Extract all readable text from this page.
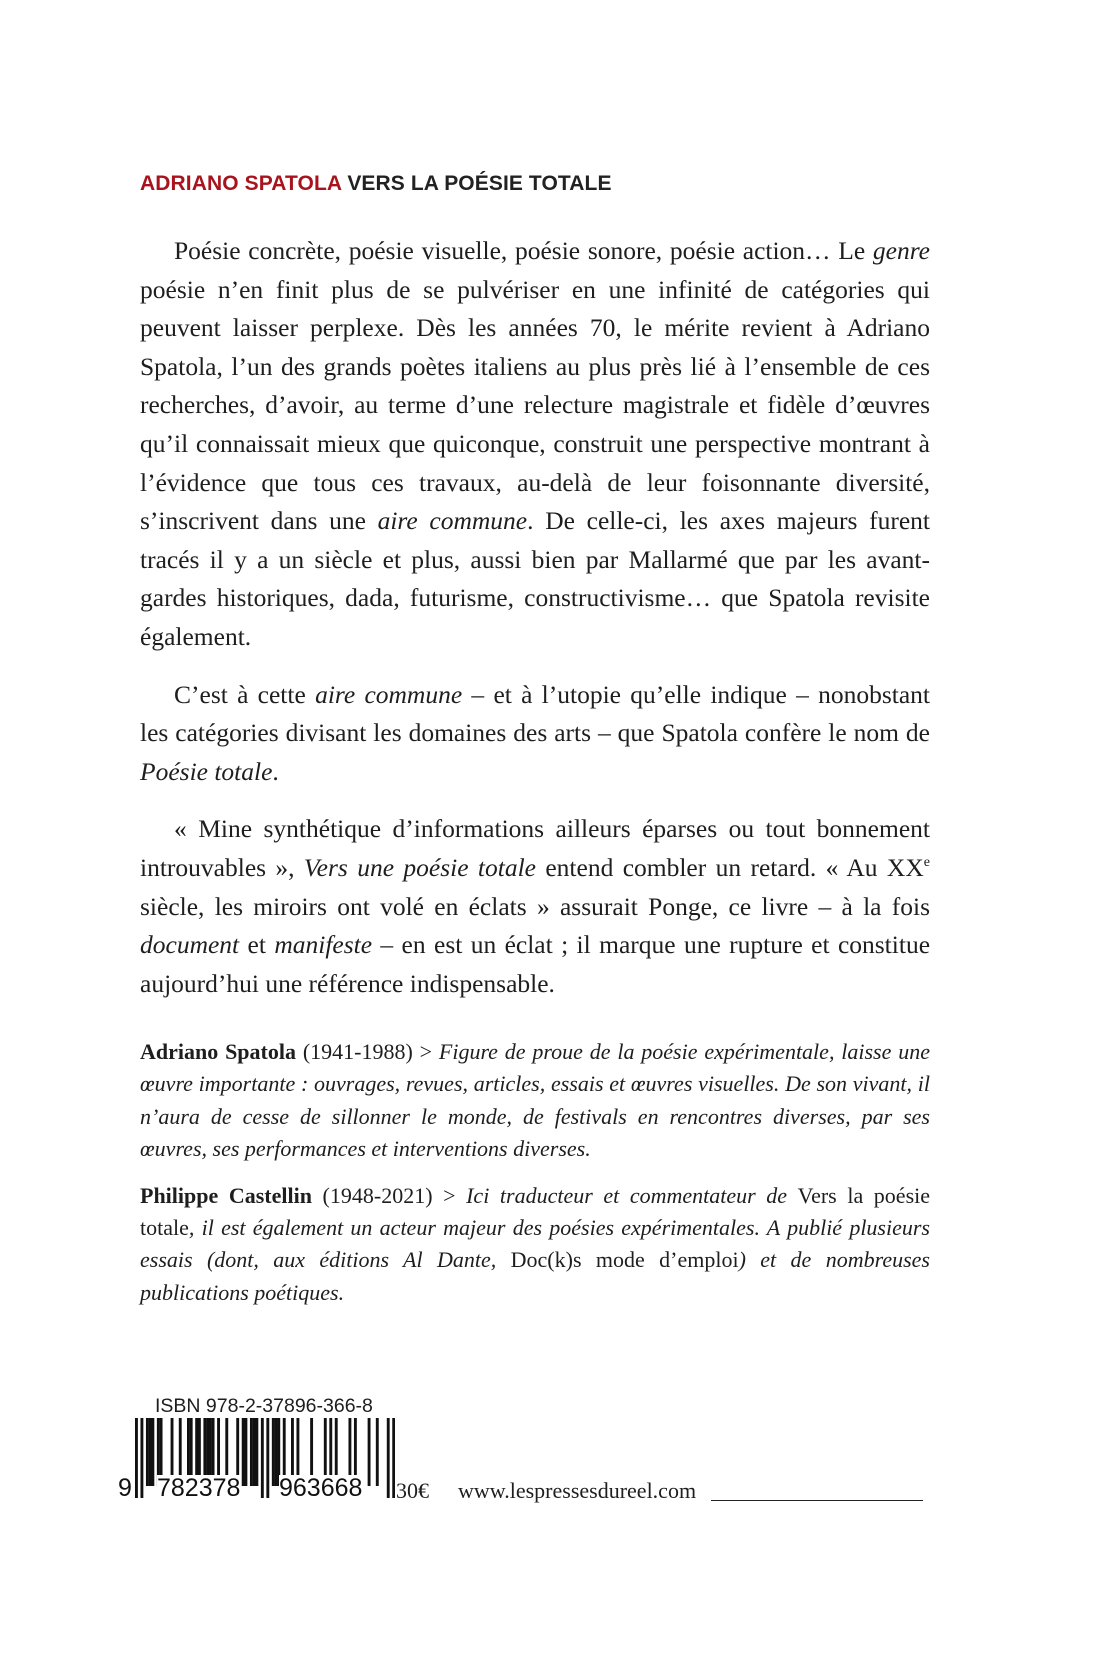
ADRIANO SPATOLA VERS LA POÉSIE TOTALE

Poésie concrète, poésie visuelle, poésie sonore, poésie action… Le genre poésie n’en finit plus de se pulvériser en une infinité de catégories qui peuvent laisser perplexe. Dès les années 70, le mérite revient à Adriano Spatola, l’un des grands poètes italiens au plus près lié à l’ensemble de ces recherches, d’avoir, au terme d’une relecture magistrale et fidèle d’œuvres qu’il connaissait mieux que quiconque, construit une perspective montrant à l’évidence que tous ces travaux, au-delà de leur foisonnante diversité, s’inscrivent dans une aire commune. De celle-ci, les axes majeurs furent tracés il y a un siècle et plus, aussi bien par Mallarmé que par les avant-gardes historiques, dada, futurisme, constructivisme… que Spatola revisite également.

C’est à cette aire commune – et à l’utopie qu’elle indique – nonobstant les catégories divisant les domaines des arts – que Spatola confère le nom de Poésie totale.

« Mine synthétique d’informations ailleurs éparses ou tout bonnement introuvables », Vers une poésie totale entend combler un retard. « Au XXe siècle, les miroirs ont volé en éclats » assurait Ponge, ce livre – à la fois document et manifeste – en est un éclat ; il marque une rupture et constitue aujourd’hui une référence indispensable.

Adriano Spatola (1941-1988) > Figure de proue de la poésie expérimentale, laisse une œuvre importante : ouvrages, revues, articles, essais et œuvres visuelles. De son vivant, il n’aura de cesse de sillonner le monde, de festivals en rencontres diverses, par ses œuvres, ses performances et interventions diverses.

Philippe Castellin (1948-2021) > Ici traducteur et commentateur de Vers la poésie totale, il est également un acteur majeur des poésies expérimentales. A publié plusieurs essais (dont, aux éditions Al Dante, Doc(k)s mode d’emploi) et de nombreuses publications poétiques.

ISBN 978-2-37896-366-8
9 782378 963668 30€ www.lespressesdureel.com
